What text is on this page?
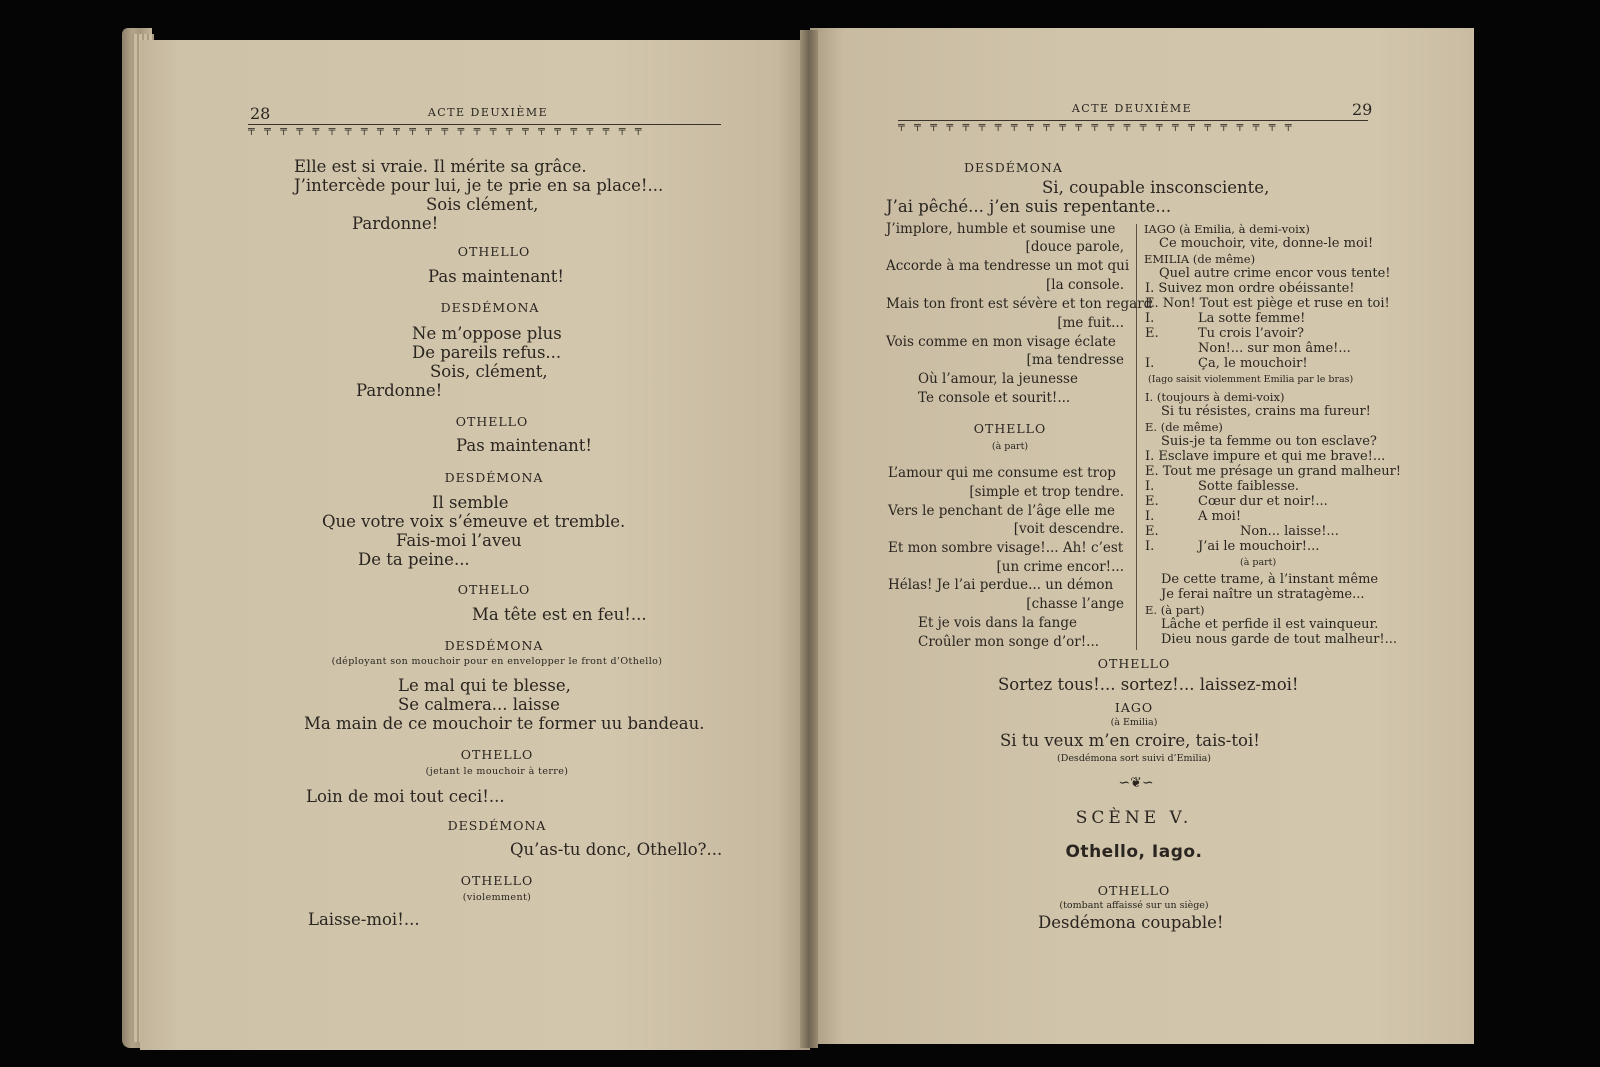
28	ACTE DEUXIÈME
╤ ╤ ╤ ╤ ╤ ╤ ╤ ╤ ╤ ╤ ╤ ╤ ╤ ╤ ╤ ╤ ╤ ╤ ╤ ╤ ╤ ╤ ╤ ╤ ╤
Elle est si vraie. Il mérite sa grâce.
J’intercède pour lui, je te prie en sa place!...
Sois clément,
Pardonne!
OTHELLO
Pas maintenant!
DESDÉMONA
Ne m’oppose plus
De pareils refus...
Sois, clément,
Pardonne!
OTHELLO
Pas maintenant!
DESDÉMONA
Il semble
Que votre voix s’émeuve et tremble.
Fais-moi l’aveu
De ta peine...
OTHELLO
Ma tête est en feu!...
DESDÉMONA
(déployant son mouchoir pour en envelopper le front d’Othello)
Le mal qui te blesse,
Se calmera... laisse
Ma main de ce mouchoir te former uu bandeau.
OTHELLO
(jetant le mouchoir à terre)
Loin de moi tout ceci!...
DESDÉMONA
Qu’as-tu donc, Othello?...
OTHELLO
(violemment)
Laisse-moi!...
ACTE DEUXIÈME	29
╤ ╤ ╤ ╤ ╤ ╤ ╤ ╤ ╤ ╤ ╤ ╤ ╤ ╤ ╤ ╤ ╤ ╤ ╤ ╤ ╤ ╤ ╤ ╤ ╤
DESDÉMONA
Si, coupable insconsciente,
J’ai pêché... j’en suis repentante...
J’implore, humble et soumise une
[douce parole,
Accorde à ma tendresse un mot qui
[la console.
Mais ton front est sévère et ton regard
[me fuit...
Vois comme en mon visage éclate
[ma tendresse
Où l’amour, la jeunesse
Te console et sourit!...
OTHELLO
(à part)
L’amour qui me consume est trop
[simple et trop tendre.
Vers le penchant de l’âge elle me
[voit descendre.
Et mon sombre visage!... Ah! c’est
[un crime encor!...
Hélas! Je l’ai perdue... un démon
[chasse l’ange
Et je vois dans la fange
Croûler mon songe d’or!...
IAGO (à Emilia, à demi-voix)
Ce mouchoir, vite, donne-le moi!
EMILIA (de même)
Quel autre crime encor vous tente!
I. Suivez mon ordre obéissante!
E. Non! Tout est piège et ruse en toi!
I.	La sotte femme!
E.	Tu crois l’avoir?
Non!... sur mon âme!...
I.	Ça, le mouchoir!
(Iago saisit violemment Emilia par le bras)
I. (toujours à demi-voix)
Si tu résistes, crains ma fureur!
E. (de même)
Suis-je ta femme ou ton esclave?
I. Esclave impure et qui me brave!...
E. Tout me présage un grand malheur!
I.	Sotte faiblesse.
E.	Cœur dur et noir!...
I.	A moi!
E.	Non... laisse!...
I.	J’ai le mouchoir!...
(à part)
De cette trame, à l’instant même
Je ferai naître un stratagème...
E. (à part)
Lâche et perfide il est vainqueur.
Dieu nous garde de tout malheur!...
OTHELLO
Sortez tous!... sortez!... laissez-moi!
IAGO
(à Emilia)
Si tu veux m’en croire, tais-toi!
(Desdémona sort suivi d’Emilia)
∽❦∽
SCÈNE V.
Othello, Iago.
OTHELLO
(tombant affaissé sur un siège)
Desdémona coupable!
